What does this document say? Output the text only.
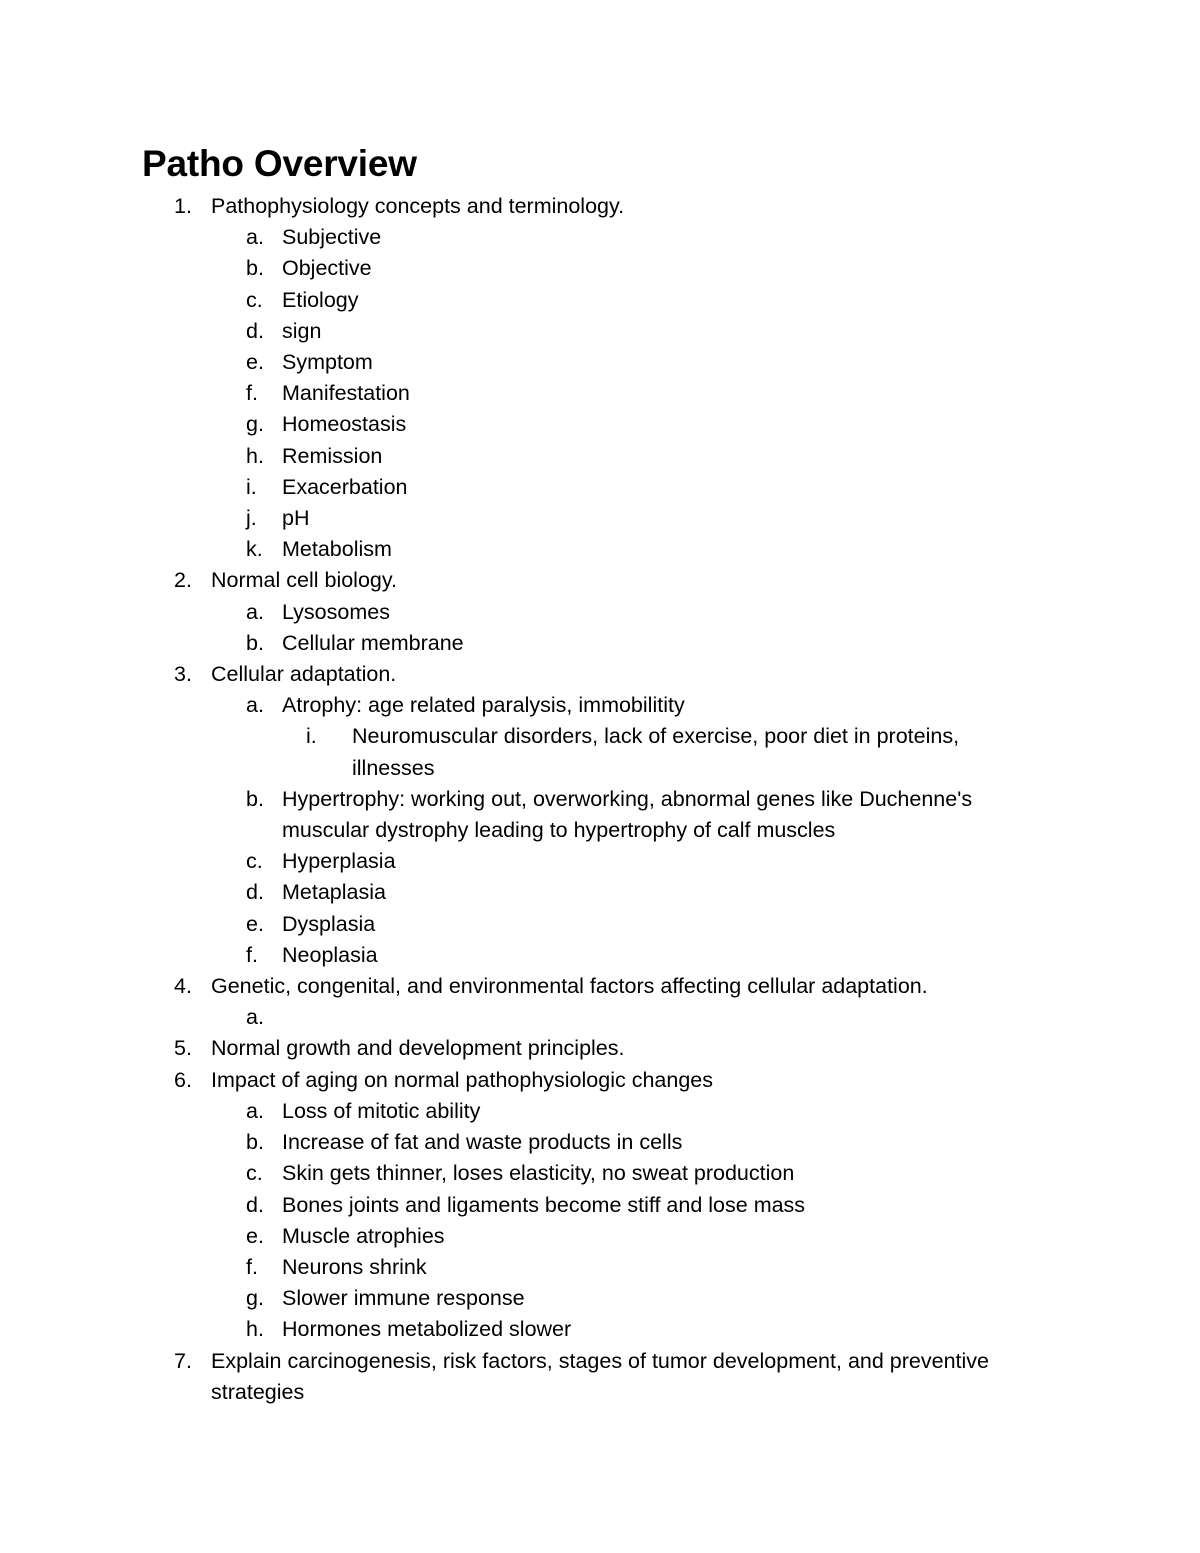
Patho Overview
1. Pathophysiology concepts and terminology.
a. Subjective
b. Objective
c. Etiology
d. sign
e. Symptom
f. Manifestation
g. Homeostasis
h. Remission
i. Exacerbation
j. pH
k. Metabolism
2. Normal cell biology.
a. Lysosomes
b. Cellular membrane
3. Cellular adaptation.
a. Atrophy: age related paralysis, immobilitity
i. Neuromuscular disorders, lack of exercise, poor diet in proteins, illnesses
b. Hypertrophy: working out, overworking, abnormal genes like Duchenne's muscular dystrophy leading to hypertrophy of calf muscles
c. Hyperplasia
d. Metaplasia
e. Dysplasia
f. Neoplasia
4. Genetic, congenital, and environmental factors affecting cellular adaptation.
a.
5. Normal growth and development principles.
6. Impact of aging on normal pathophysiologic changes
a. Loss of mitotic ability
b. Increase of fat and waste products in cells
c. Skin gets thinner, loses elasticity, no sweat production
d. Bones joints and ligaments become stiff and lose mass
e. Muscle atrophies
f. Neurons shrink
g. Slower immune response
h. Hormones metabolized slower
7. Explain carcinogenesis, risk factors, stages of tumor development, and preventive strategies
